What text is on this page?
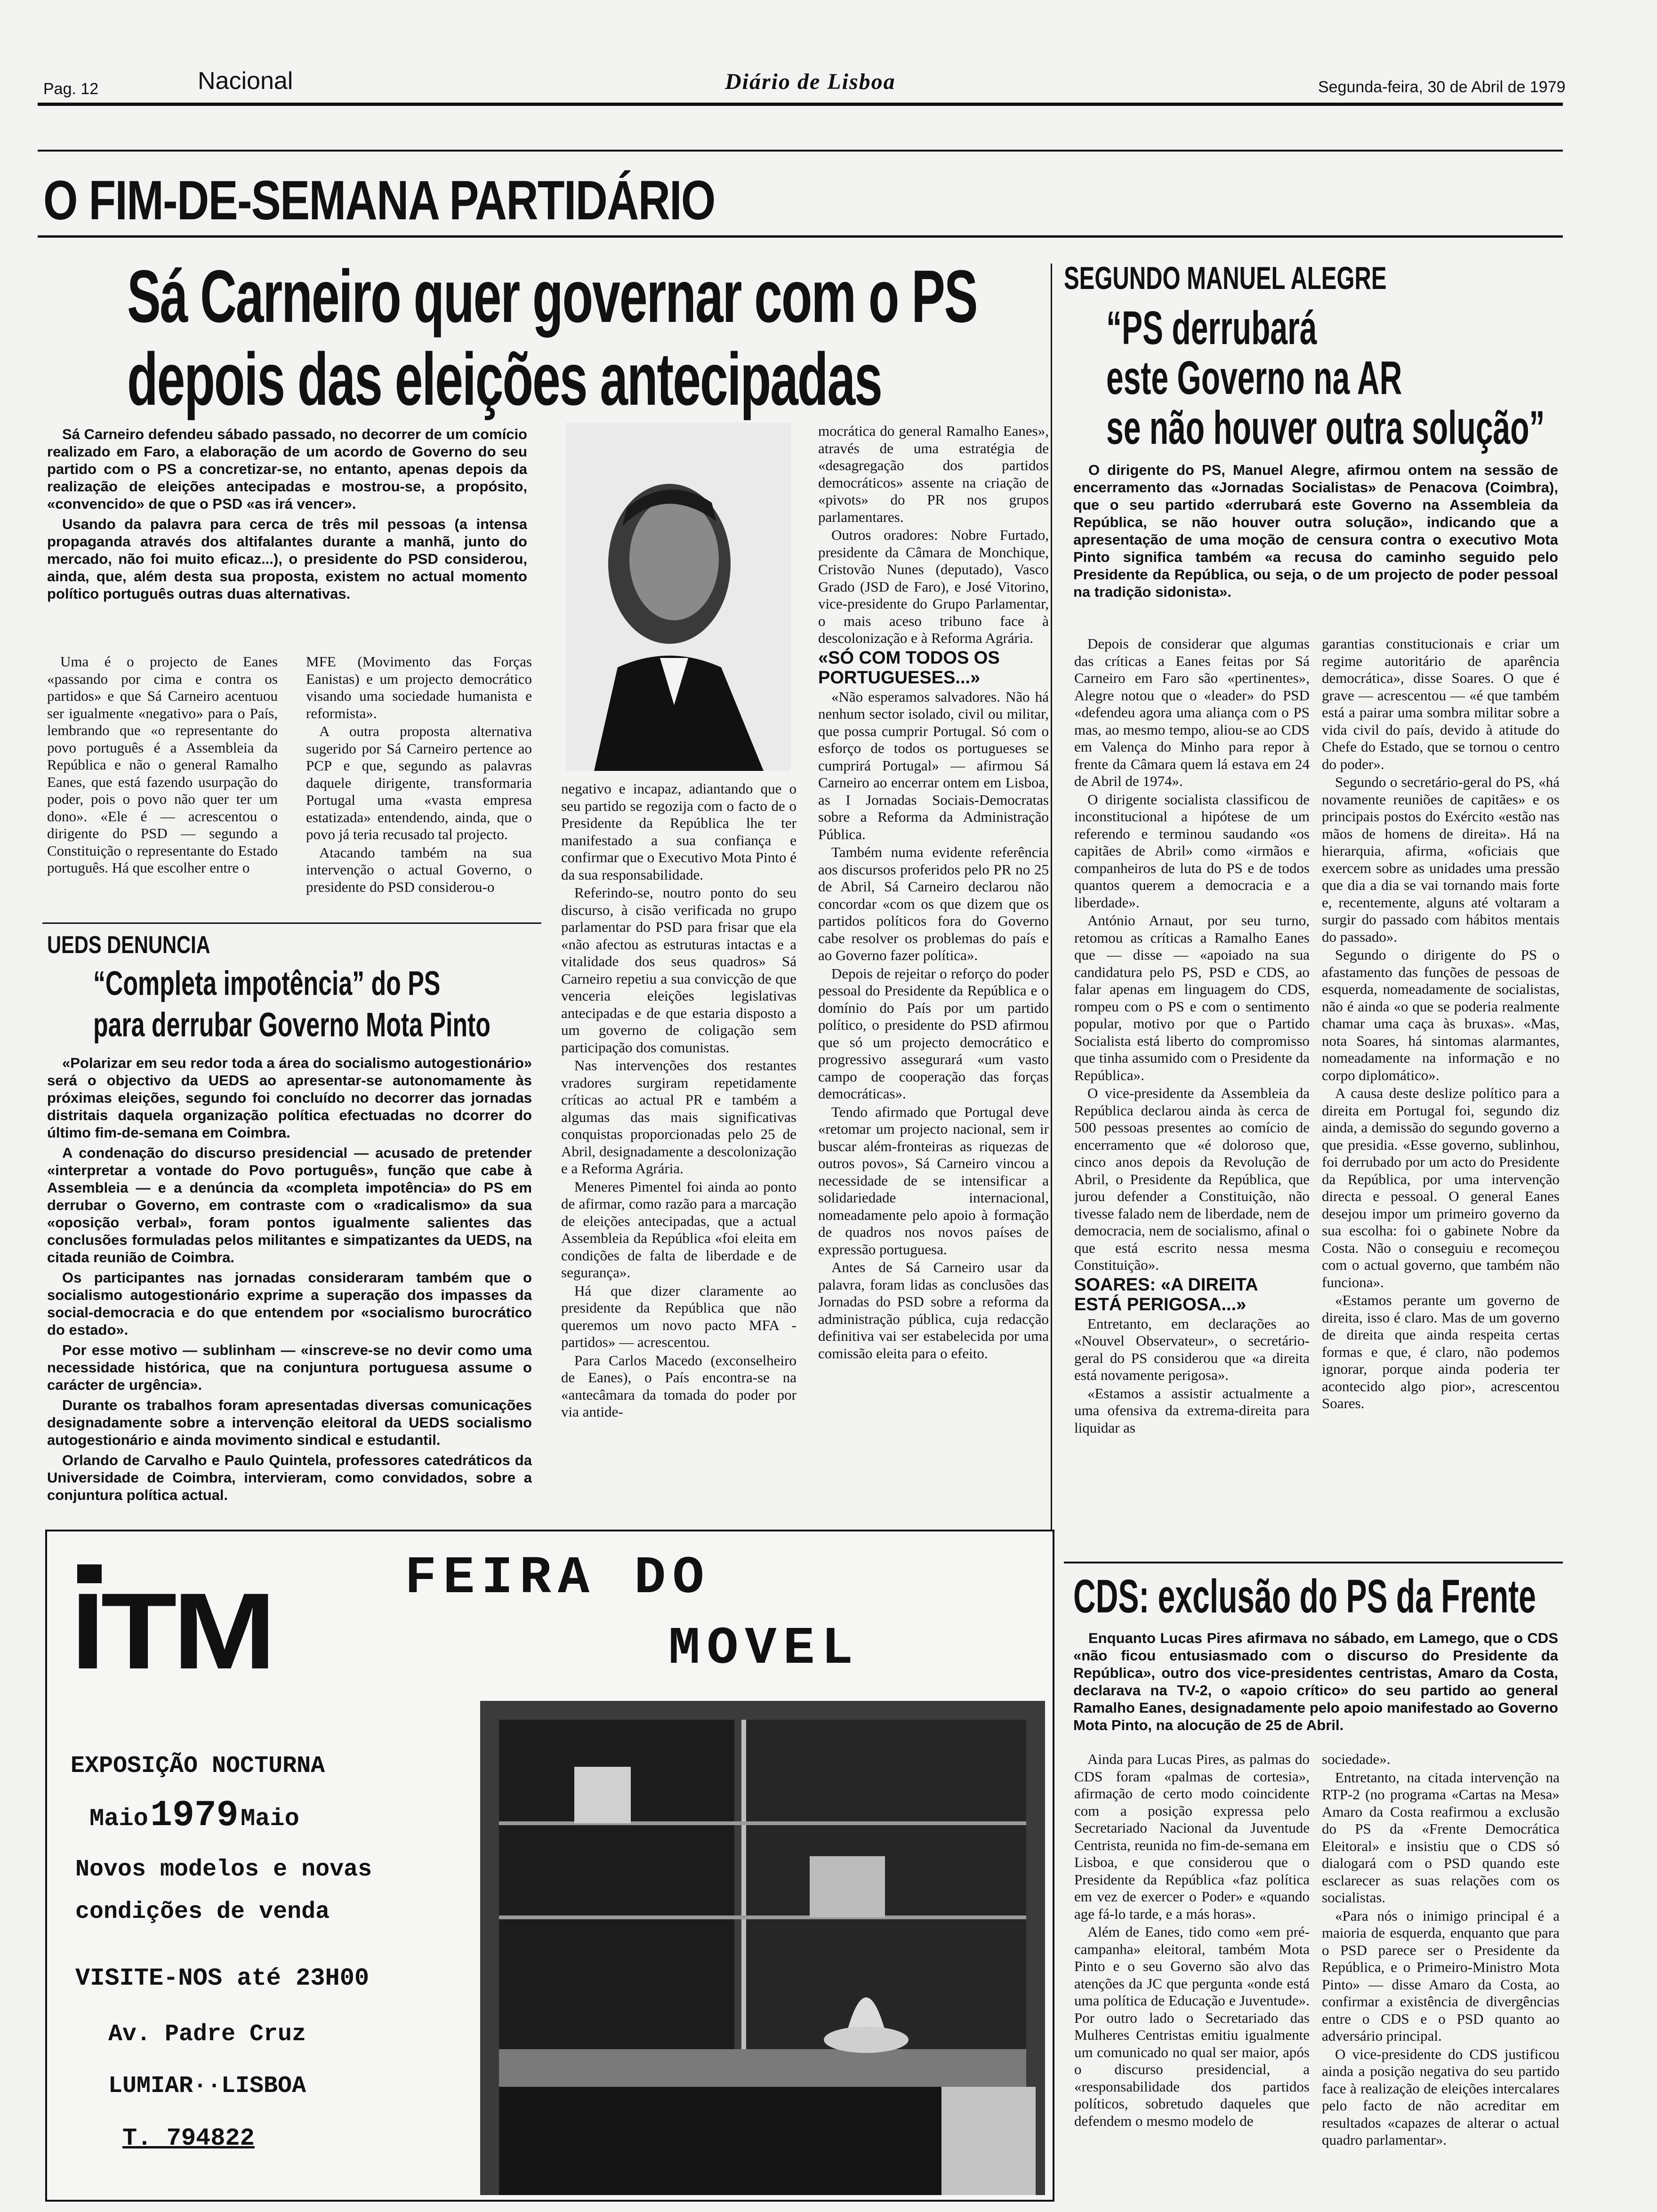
Pag. 12	Nacional	Diário de Lisboa	Segunda-feira, 30 de Abril de 1979
O FIM-DE-SEMANA PARTIDÁRIO
Sá Carneiro quer governar com o PS
depois das eleições antecipadas

Sá Carneiro defendeu sábado passado, no decorrer de um comício realizado em Faro, a elaboração de um acordo de Governo do seu partido com o PS a concretizar-se, no entanto, apenas depois da realização de eleições antecipadas e mostrou-se, a propósito, «convencido» de que o PSD «as irá vencer».

Usando da palavra para cerca de três mil pessoas (a intensa propaganda através dos altifalantes durante a manhã, junto do mercado, não foi muito eficaz...), o presidente do PSD considerou, ainda, que, além desta sua proposta, existem no actual momento político português outras duas alternativas.

Uma é o projecto de Eanes «passando por cima e contra os partidos» e que Sá Carneiro acentuou ser igualmente «negativo» para o País, lembrando que «o representante do povo português é a Assembleia da República e não o general Ramalho Eanes, que está fazendo usurpação do poder, pois o povo não quer ter um dono». «Ele é — acrescentou o dirigente do PSD — segundo a Constituição o representante do Estado português. Há que escolher entre o

MFE (Movimento das Forças Eanistas) e um projecto democrático visando uma sociedade humanista e reformista».

A outra proposta alternativa sugerido por Sá Carneiro pertence ao PCP e que, segundo as palavras daquele dirigente, transformaria Portugal uma «vasta empresa estatizada» entendendo, ainda, que o povo já teria recusado tal projecto.

Atacando também na sua intervenção o actual Governo, o presidente do PSD considerou-o

negativo e incapaz, adiantando que o seu partido se regozija com o facto de o Presidente da República lhe ter manifestado a sua confiança e confirmar que o Executivo Mota Pinto é da sua responsabilidade.

Referindo-se, noutro ponto do seu discurso, à cisão verificada no grupo parlamentar do PSD para frisar que ela «não afectou as estruturas intactas e a vitalidade dos seus quadros» Sá Carneiro repetiu a sua convicção de que venceria eleições legislativas antecipadas e de que estaria disposto a um governo de coligação sem participação dos comunistas.

Nas intervenções dos restantes vradores surgiram repetidamente críticas ao actual PR e também a algumas das mais significativas conquistas proporcionadas pelo 25 de Abril, designadamente a descolonização e a Reforma Agrária.

Meneres Pimentel foi ainda ao ponto de afirmar, como razão para a marcação de eleições antecipadas, que a actual Assembleia da República «foi eleita em condições de falta de liberdade e de segurança».

Há que dizer claramente ao presidente da República que não queremos um novo pacto MFA -partidos» — acrescentou.

Para Carlos Macedo (exconselheiro de Eanes), o País encontra-se na «antecâmara da tomada do poder por via antide-

mocrática do general Ramalho Eanes», através de uma estratégia de «desagregação dos partidos democráticos» assente na criação de «pivots» do PR nos grupos parlamentares.

Outros oradores: Nobre Furtado, presidente da Câmara de Monchique, Cristovão Nunes (deputado), Vasco Grado (JSD de Faro), e José Vitorino, vice-presidente do Grupo Parlamentar, o mais aceso tribuno face à descolonização e à Reforma Agrária.

«SÓ COM TODOS OS PORTUGUESES...»

«Não esperamos salvadores. Não há nenhum sector isolado, civil ou militar, que possa cumprir Portugal. Só com o esforço de todos os portugueses se cumprirá Portugal» — afirmou Sá Carneiro ao encerrar ontem em Lisboa, as I Jornadas Sociais-Democratas sobre a Reforma da Administração Pública.

Também numa evidente referência aos discursos proferidos pelo PR no 25 de Abril, Sá Carneiro declarou não concordar «com os que dizem que os partidos políticos fora do Governo cabe resolver os problemas do país e ao Governo fazer política».

Depois de rejeitar o reforço do poder pessoal do Presidente da República e o domínio do País por um partido político, o presidente do PSD afirmou que só um projecto democrático e progressivo assegurará «um vasto campo de cooperação das forças democráticas».

Tendo afirmado que Portugal deve «retomar um projecto nacional, sem ir buscar além-fronteiras as riquezas de outros povos», Sá Carneiro vincou a necessidade de se intensificar a solidariedade internacional, nomeadamente pelo apoio à formação de quadros nos novos países de expressão portuguesa.

Antes de Sá Carneiro usar da palavra, foram lidas as conclusões das Jornadas do PSD sobre a reforma da administração pública, cuja redacção definitiva vai ser estabelecida por uma comissão eleita para o efeito.

UEDS DENUNCIA
“Completa impotência” do PS
para derrubar Governo Mota Pinto

«Polarizar em seu redor toda a área do socialismo autogestionário» será o objectivo da UEDS ao apresentar-se autonomamente às próximas eleições, segundo foi concluído no decorrer das jornadas distritais daquela organização política efectuadas no dcorrer do último fim-de-semana em Coimbra.

A condenação do discurso presidencial — acusado de pretender «interpretar a vontade do Povo português», função que cabe à Assembleia — e a denúncia da «completa impotência» do PS em derrubar o Governo, em contraste com o «radicalismo» da sua «oposição verbal», foram pontos igualmente salientes das conclusões formuladas pelos militantes e simpatizantes da UEDS, na citada reunião de Coimbra.

Os participantes nas jornadas consideraram também que o socialismo autogestionário exprime a superação dos impasses da social-democracia e do que entendem por «socialismo burocrático do estado».

Por esse motivo — sublinham — «inscreve-se no devir como uma necessidade histórica, que na conjuntura portuguesa assume o carácter de urgência».

Durante os trabalhos foram apresentadas diversas comunicações designadamente sobre a intervenção eleitoral da UEDS socialismo autogestionário e ainda movimento sindical e estudantil.

Orlando de Carvalho e Paulo Quintela, professores catedráticos da Universidade de Coimbra, intervieram, como convidados, sobre a conjuntura política actual.

SEGUNDO MANUEL ALEGRE
“PS derrubará
este Governo na AR
se não houver outra solução”

O dirigente do PS, Manuel Alegre, afirmou ontem na sessão de encerramento das «Jornadas Socialistas» de Penacova (Coimbra), que o seu partido «derrubará este Governo na Assembleia da República, se não houver outra solução», indicando que a apresentação de uma moção de censura contra o executivo Mota Pinto significa também «a recusa do caminho seguido pelo Presidente da República, ou seja, o de um projecto de poder pessoal na tradição sidonista».

Depois de considerar que algumas das críticas a Eanes feitas por Sá Carneiro em Faro são «pertinentes», Alegre notou que o «leader» do PSD «defendeu agora uma aliança com o PS mas, ao mesmo tempo, aliou-se ao CDS em Valença do Minho para repor à frente da Câmara quem lá estava em 24 de Abril de 1974».

O dirigente socialista classificou de inconstitucional a hipótese de um referendo e terminou saudando «os capitães de Abril» como «irmãos e companheiros de luta do PS e de todos quantos querem a democracia e a liberdade».

António Arnaut, por seu turno, retomou as críticas a Ramalho Eanes que — disse — «apoiado na sua candidatura pelo PS, PSD e CDS, ao falar apenas em linguagem do CDS, rompeu com o PS e com o sentimento popular, motivo por que o Partido Socialista está liberto do compromisso que tinha assumido com o Presidente da República».

O vice-presidente da Assembleia da República declarou ainda às cerca de 500 pessoas presentes ao comício de encerramento que «é doloroso que, cinco anos depois da Revolução de Abril, o Presidente da República, que jurou defender a Constituição, não tivesse falado nem de liberdade, nem de democracia, nem de socialismo, afinal o que está escrito nessa mesma Constituição».

SOARES: «A DIREITA ESTÁ PERIGOSA...»

Entretanto, em declarações ao «Nouvel Observateur», o secretário-geral do PS considerou que «a direita está novamente perigosa».

«Estamos a assistir actualmente a uma ofensiva da extrema-direita para liquidar as

garantias constitucionais e criar um regime autoritário de aparência democrática», disse Soares. O que é grave — acrescentou — «é que também está a pairar uma sombra militar sobre a vida civil do país, devido à atitude do Chefe do Estado, que se tornou o centro do poder».

Segundo o secretário-geral do PS, «há novamente reuniões de capitães» e os principais postos do Exército «estão nas mãos de homens de direita». Há na hierarquia, afirma, «oficiais que exercem sobre as unidades uma pressão que dia a dia se vai tornando mais forte e, recentemente, alguns até voltaram a surgir do passado com hábitos mentais do passado».

Segundo o dirigente do PS o afastamento das funções de pessoas de esquerda, nomeadamente de socialistas, não é ainda «o que se poderia realmente chamar uma caça às bruxas». «Mas, nota Soares, há sintomas alarmantes, nomeadamente na informação e no corpo diplomático».

A causa deste deslize político para a direita em Portugal foi, segundo diz ainda, a demissão do segundo governo a que presidia. «Esse governo, sublinhou, foi derrubado por um acto do Presidente da República, por uma intervenção directa e pessoal. O general Eanes desejou impor um primeiro governo da sua escolha: foi o gabinete Nobre da Costa. Não o conseguiu e recomeçou com o actual governo, que também não funciona».

«Estamos perante um governo de direita, isso é claro. Mas de um governo de direita que ainda respeita certas formas e que, é claro, não podemos ignorar, porque ainda poderia ter acontecido algo pior», acrescentou Soares.

CDS: exclusão do PS da Frente

Enquanto Lucas Pires afirmava no sábado, em Lamego, que o CDS «não ficou entusiasmado com o discurso do Presidente da República», outro dos vice-presidentes centristas, Amaro da Costa, declarava na TV-2, o «apoio crítico» do seu partido ao general Ramalho Eanes, designadamente pelo apoio manifestado ao Governo Mota Pinto, na alocução de 25 de Abril.

Ainda para Lucas Pires, as palmas do CDS foram «palmas de cortesia», afirmação de certo modo coincidente com a posição expressa pelo Secretariado Nacional da Juventude Centrista, reunida no fim-de-semana em Lisboa, e que considerou que o Presidente da República «faz política em vez de exercer o Poder» e «quando age fá-lo tarde, e a más horas».

Além de Eanes, tido como «em pré-campanha» eleitoral, também Mota Pinto e o seu Governo são alvo das atenções da JC que pergunta «onde está uma política de Educação e Juventude». Por outro lado o Secretariado das Mulheres Centristas emitiu igualmente um comunicado no qual ser maior, após o discurso presidencial, a «responsabilidade dos partidos políticos, sobretudo daqueles que defendem o mesmo modelo de

sociedade».

Entretanto, na citada intervenção na RTP-2 (no programa «Cartas na Mesa» Amaro da Costa reafirmou a exclusão do PS da «Frente Democrática Eleitoral» e insistiu que o CDS só dialogará com o PSD quando este esclarecer as suas relações com os socialistas.

«Para nós o inimigo principal é a maioria de esquerda, enquanto que para o PSD parece ser o Presidente da República, e o Primeiro-Ministro Mota Pinto» — disse Amaro da Costa, ao confirmar a existência de divergências entre o CDS e o PSD quanto ao adversário principal.

O vice-presidente do CDS justificou ainda a posição negativa do seu partido face à realização de eleições intercalares pelo facto de não acreditar em resultados «capazes de alterar o actual quadro parlamentar».

ITM	FEIRA DO
MOVEL
EXPOSIÇÃO NOCTURNA
Maio 1979 Maio
Novos modelos e novas
condições de venda
VISITE-NOS até 23H00
Av. Padre Cruz
LUMIAR··LISBOA
T. 794822
